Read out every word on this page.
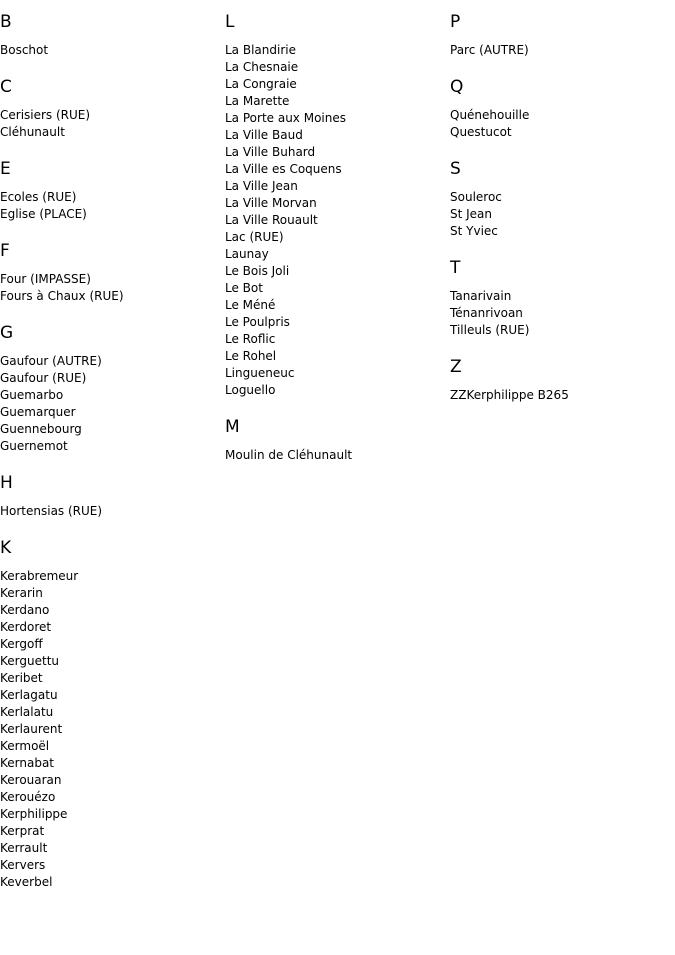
B
Boschot
C
Cerisiers (RUE)
Cléhunault
E
Ecoles (RUE)
Eglise (PLACE)
F
Four (IMPASSE)
Fours à Chaux (RUE)
G
Gaufour (AUTRE)
Gaufour (RUE)
Guemarbo
Guemarquer
Guennebourg
Guernemot
H
Hortensias (RUE)
K
Kerabremeur
Kerarin
Kerdano
Kerdoret
Kergoff
Kerguettu
Keribet
Kerlagatu
Kerlalatu
Kerlaurent
Kermoël
Kernabat
Kerouaran
Kerouézo
Kerphilippe
Kerprat
Kerrault
Kervers
Keverbel
L
La Blandirie
La Chesnaie
La Congraie
La Marette
La Porte aux Moines
La Ville Baud
La Ville Buhard
La Ville es Coquens
La Ville Jean
La Ville Morvan
La Ville Rouault
Lac (RUE)
Launay
Le Bois Joli
Le Bot
Le Méné
Le Poulpris
Le Roflic
Le Rohel
Lingueneuc
Loguello
M
Moulin de Cléhunault
P
Parc (AUTRE)
Q
Quénehouille
Questucot
S
Souleroc
St Jean
St Yviec
T
Tanarivain
Ténanrivoan
Tilleuls (RUE)
Z
ZZKerphilippe B265
